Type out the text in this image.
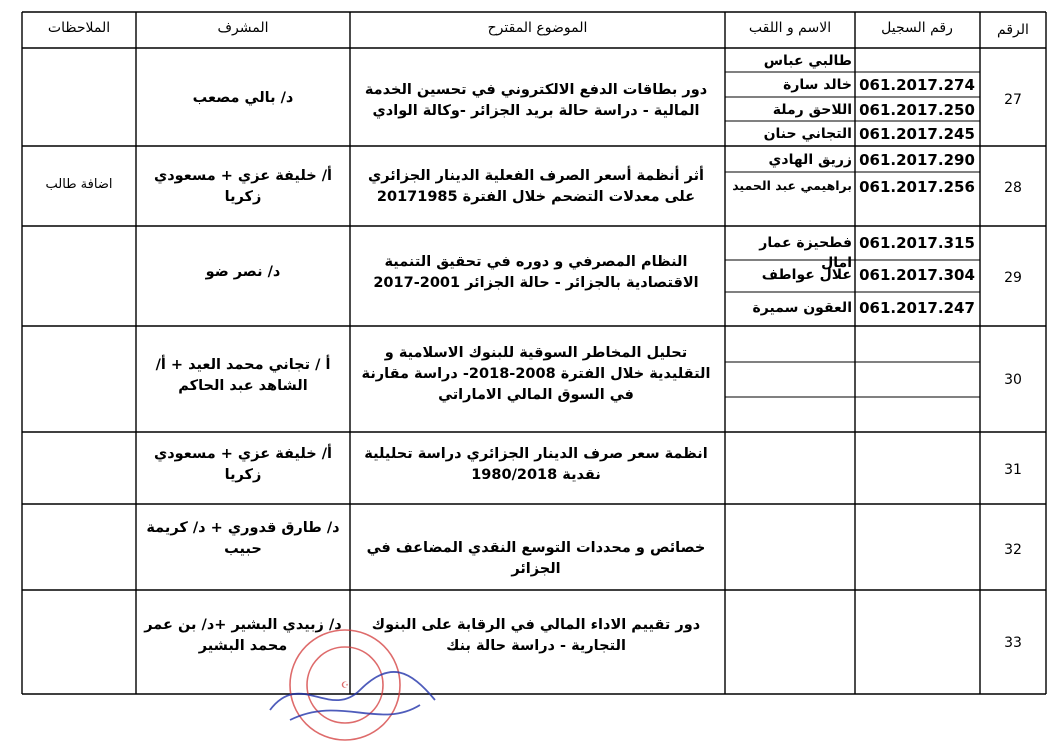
الرقم
رقم السجيل
الاسم و اللقب
الموضوع المقترح
المشرف
الملاحظات
27
طالبي عباس
خالد سارة
اللاحق رملة
التجاني حنان
061.2017.274
061.2017.250
061.2017.245
دور بطاقات الدفع الالكتروني في تحسين الخدمة المالية - دراسة حالة بريد الجزائر -وكالة الوادي
د/ بالي مصعب
28
زريق الهادي
براهيمي عبد الحميد
061.2017.290
061.2017.256
أثر أنظمة أسعر الصرف الفعلية الدينار الجزائري على معدلات التضحم خلال الفترة 20171985
أ/ خليفة عزي + مسعودي زكريا
اضافة طالب
29
فطحيزة عمار امال
علال عواطف
العقون سميرة
061.2017.315
061.2017.304
061.2017.247
النظام المصرفي و دوره في تحقيق التنمية الاقتصادية بالجزائر - حالة الجزائر 2001-2017
د/ نصر ضو
30
تحليل المخاطر السوقية للبنوك الاسلامية و التقليدية خلال الفترة 2008-2018- دراسة مقارنة في السوق المالي الاماراتي
أ / تجاني محمد العيد + أ/الشاهد عبد الحاكم
31
انظمة سعر صرف الدينار الجزائري دراسة تحليلية نقدية 1980/2018
أ/ خليفة عزي + مسعودي زكريا
32
خصائص و محددات التوسع النقدي المضاعف في الجزائر
د/ طارق قدوري + د/ كريمة حبيب
33
دور تقييم الاداء المالي في الرقابة على البنوك التجارية - دراسة حالة بنك
د/ زبيدي البشير +د/ بن عمر محمد البشير
☪
